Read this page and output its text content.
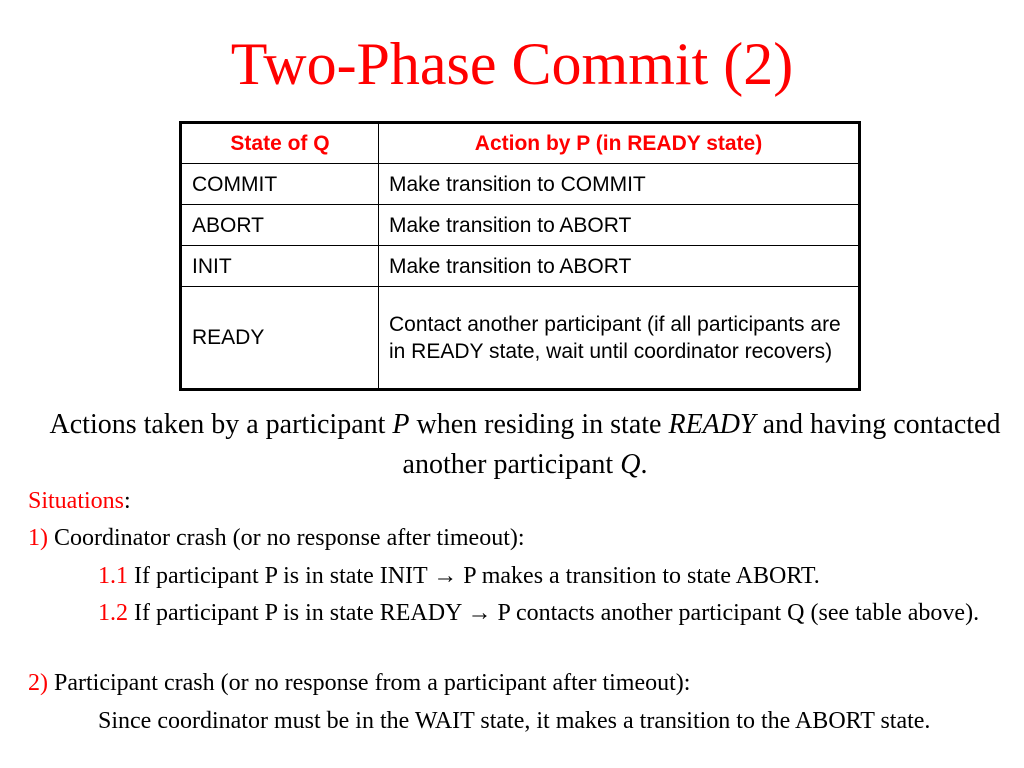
Two-Phase Commit (2)
State of Q	Action by P (in READY state)
COMMIT	Make transition to COMMIT
ABORT	Make transition to ABORT
INIT	Make transition to ABORT
READY	Contact another participant (if all participants are in READY state, wait until coordinator recovers)
Actions taken by a participant P when residing in state READY and having contacted another participant Q.
Situations:
1) Coordinator crash (or no response after timeout):
1.1 If participant P is in state INIT → P makes a transition to state ABORT.
1.2 If participant P is in state READY → P contacts another participant Q (see table above).
2) Participant crash (or no response from a participant after timeout):
Since coordinator must be in the WAIT state, it makes a transition to the ABORT state.
